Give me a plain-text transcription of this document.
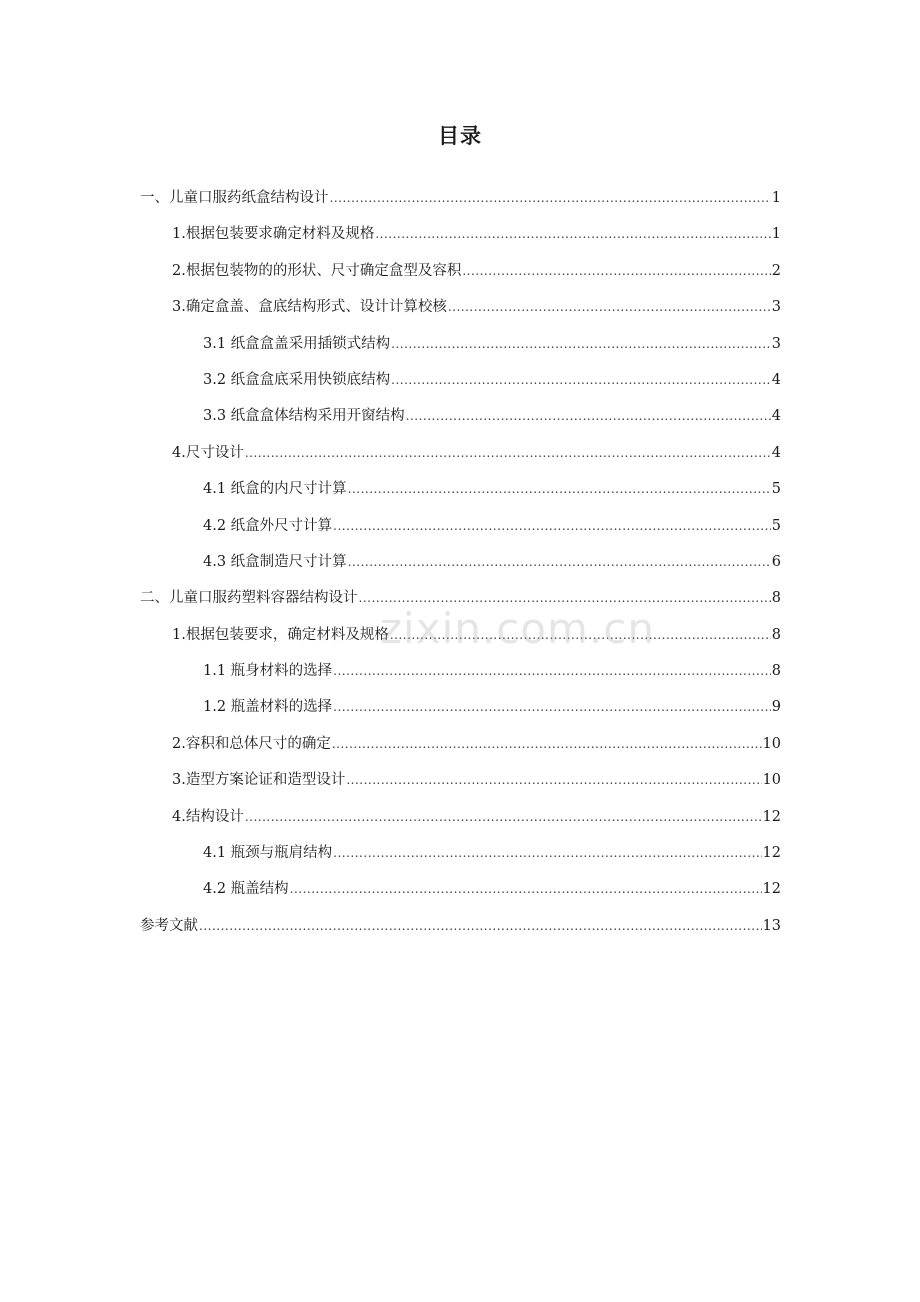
目录
一、儿童口服药纸盒结构设计 .....	1
1.根据包装要求确定材料及规格 .....	1
2.根据包装物的的形状、尺寸确定盒型及容积 .....	2
3.确定盒盖、盒底结构形式、设计计算校核 .....	3
3.1 纸盒盒盖采用插锁式结构 .....	3
3.2 纸盒盒底采用快锁底结构 .....	4
3.3 纸盒盒体结构采用开窗结构 .....	4
4.尺寸设计 .....	4
4.1 纸盒的内尺寸计算 .....	5
4.2 纸盒外尺寸计算 .....	5
4.3 纸盒制造尺寸计算 .....	6
二、儿童口服药塑料容器结构设计 .....	8
1.根据包装要求，确定材料及规格 .....	8
1.1 瓶身材料的选择 .....	8
1.2 瓶盖材料的选择 .....	9
2.容积和总体尺寸的确定 .....	10
3.造型方案论证和造型设计 .....	10
4.结构设计 .....	12
4.1 瓶颈与瓶肩结构 .....	12
4.2 瓶盖结构 .....	12
参考文献 .....	13
zixin.com.cn
